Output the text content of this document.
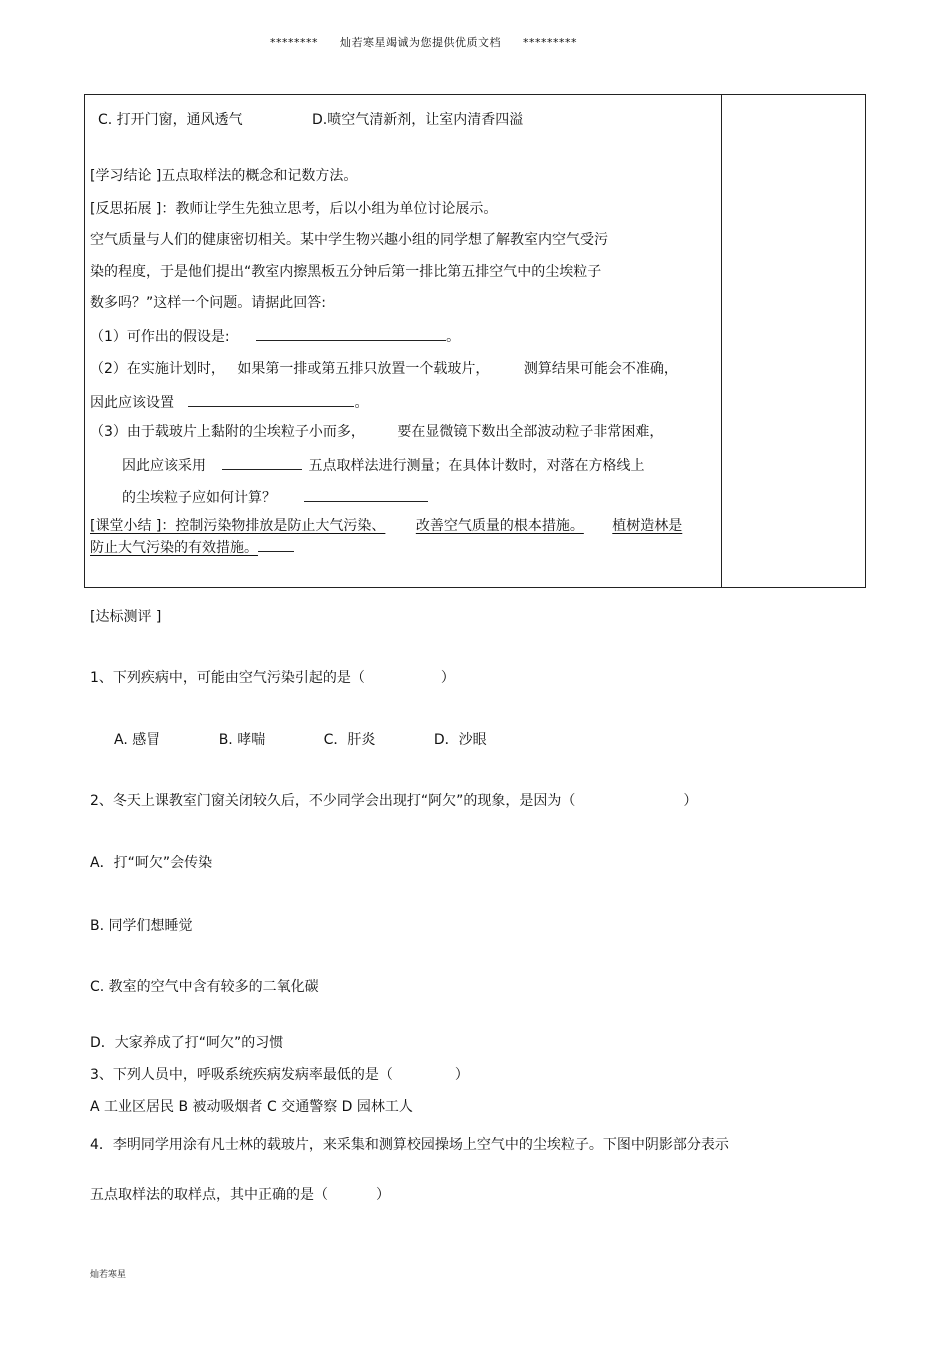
******** 灿若寒星竭诚为您提供优质文档 *********
C. 打开门窗，通风透气	D.喷空气清新剂，让室内清香四溢
[学习结论 ]五点取样法的概念和记数方法。
[反思拓展 ]：教师让学生先独立思考，后以小组为单位讨论展示。
空气质量与人们的健康密切相关。某中学生物兴趣小组的同学想了解教室内空气受污
染的程度，于是他们提出“教室内擦黑板五分钟后第一排比第五排空气中的尘埃粒子
数多吗？”这样一个问题。请据此回答:
（1）可作出的假设是:	。
（2）在实施计划时， 如果第一排或第五排只放置一个载玻片， 测算结果可能会不准确，
因此应该设置	。
（3）由于载玻片上黏附的尘埃粒子小而多， 要在显微镜下数出全部波动粒子非常困难，
因此应该采用	五点取样法进行测量；在具体计数时，对落在方格线上
的尘埃粒子应如何计算？
[课堂小结 ]：控制污染物排放是防止大气污染、 改善空气质量的根本措施。 植树造林是
防止大气污染的有效措施。
[达标测评 ]
1、下列疾病中，可能由空气污染引起的是（	）
A. 感冒	B. 哮喘	C．肝炎	D．沙眼
2、冬天上课教室门窗关闭较久后，不少同学会出现打“阿欠”的现象，是因为（	）
A．打“呵欠”会传染
B. 同学们想睡觉
C. 教室的空气中含有较多的二氧化碳
D．大家养成了打“呵欠”的习惯
3、下列人员中，呼吸系统疾病发病率最低的是（	）
A 工业区居民 B 被动吸烟者 C 交通警察 D 园林工人
4．李明同学用涂有凡士林的载玻片，来采集和测算校园操场上空气中的尘埃粒子。下图中阴影部分表示
五点取样法的取样点，其中正确的是（	）
灿若寒星
